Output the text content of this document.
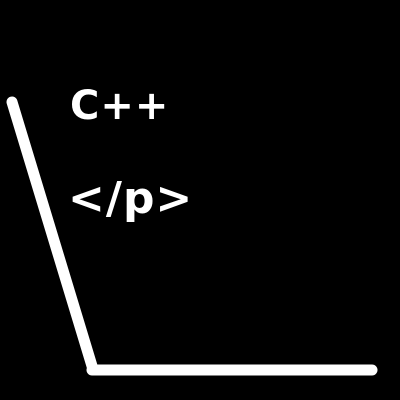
C++
</p>
